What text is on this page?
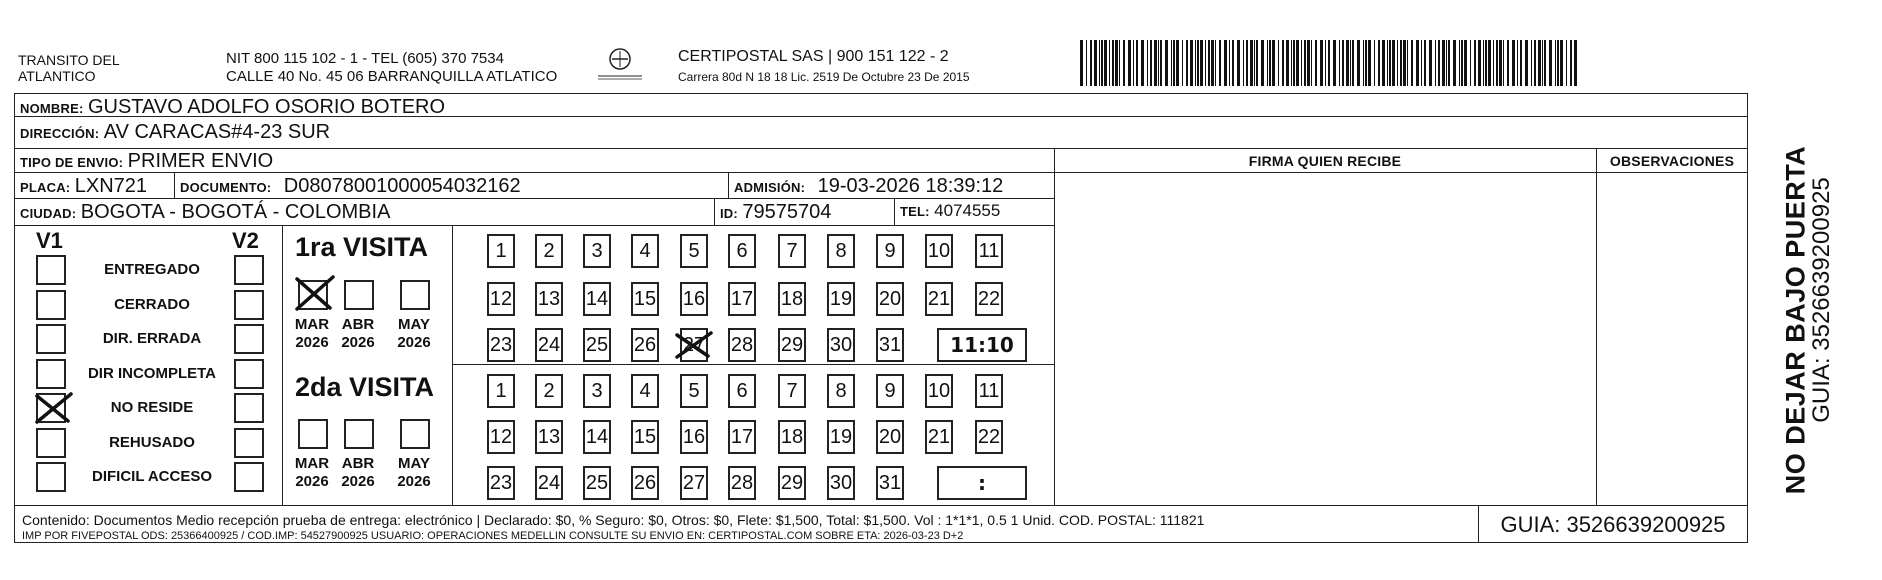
TRANSITO DEL
ATLANTICO
NIT 800 115 102 - 1 - TEL (605) 370 7534
CALLE 40 No. 45 06 BARRANQUILLA ATLATICO
CERTIPOSTAL SAS | 900 151 122 - 2
Carrera 80d N 18 18 Lic. 2519 De Octubre 23 De 2015
NOMBRE: GUSTAVO ADOLFO OSORIO BOTERO
DIRECCIÓN: AV CARACAS#4-23 SUR
TIPO DE ENVIO: PRIMER ENVIO
PLACA: LXN721	DOCUMENTO: D08078001000054032162	ADMISIÓN: 19-03-2026 18:39:12
CIUDAD: BOGOTA - BOGOTÁ - COLOMBIA	ID: 79575704	TEL: 4074555
FIRMA QUIEN RECIBE	OBSERVACIONES
V1	V2
ENTREGADO
CERRADO
DIR. ERRADA
DIR INCOMPLETA
NO RESIDE
REHUSADO
DIFICIL ACCESO
1ra VISITA
2da VISITA
MAR
2026
ABR
2026
MAY
2026
MAR
2026
ABR
2026
MAY
2026
1	2	3	4	5	6	7	8	9	10 11
12 13 14 15 16 17 18 19 20 21 22
23 24 25 26 27 28 29 30 31	11:10
1	2	3	4	5	6	7	8	9	10 11
12 13 14 15 16 17 18 19 20 21 22
23 24 25 26 27 28 29 30 31	:
Contenido: Documentos Medio recepción prueba de entrega: electrónico | Declarado: $0, % Seguro: $0, Otros: $0, Flete: $1,500, Total: $1,500. Vol : 1*1*1, 0.5 1 Unid. COD. POSTAL: 111821
IMP POR FIVEPOSTAL ODS: 25366400925 / COD.IMP: 54527900925 USUARIO: OPERACIONES MEDELLIN CONSULTE SU ENVIO EN: CERTIPOSTAL.COM SOBRE ETA: 2026-03-23 D+2	GUIA: 3526639200925
NO DEJAR BAJO PUERTA
GUIA: 3526639200925
